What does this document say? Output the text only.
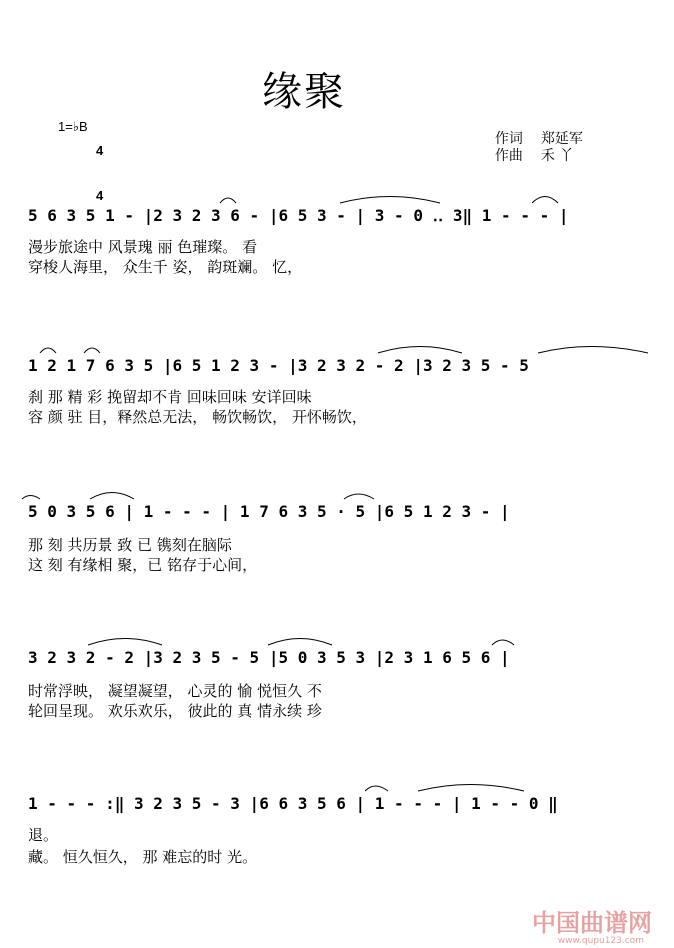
缘聚
1=♭B

4

4

作词 郑延军

作曲 禾 丫

5 6 3 5 1 - |2 3 2 3 6 - |6 5 3 - | 3 - 0 ‥ 3‖ 1 - - - |
漫步旅途中 风景瑰 丽 色璀璨。 看
穿梭人海里， 众生千 姿， 韵斑斓。 忆，
1 2 1 7 6 3 5 |6 5 1 2 3 - |3 2 3 2 - 2 |3 2 3 5 - 5
刹 那 精 彩 挽留却不肯 回味回味 安详回味
容 颜 驻 目，释然总无法， 畅饮畅饮， 开怀畅饮，
5 0 3 5 6 | 1 - - - | 1 7 6 3 5 · 5 |6 5 1 2 3 - |
那 刻 共历景 致 已 镌刻在脑际
这 刻 有缘相 聚，已 铭存于心间，
3 2 3 2 - 2 |3 2 3 5 - 5 |5 0 3 5 3 |2 3 1 6 5 6 |
时常浮映， 凝望凝望， 心灵的 愉 悦恒久 不
轮回呈现。 欢乐欢乐， 彼此的 真 情永续 珍
1 - - - :‖ 3 2 3 5 - 3 |6 6 3 5 6 | 1 - - - | 1 - - 0 ‖
退。
藏。 恒久恒久， 那 难忘的时 光。
中国曲谱网
www.qupu123.com
